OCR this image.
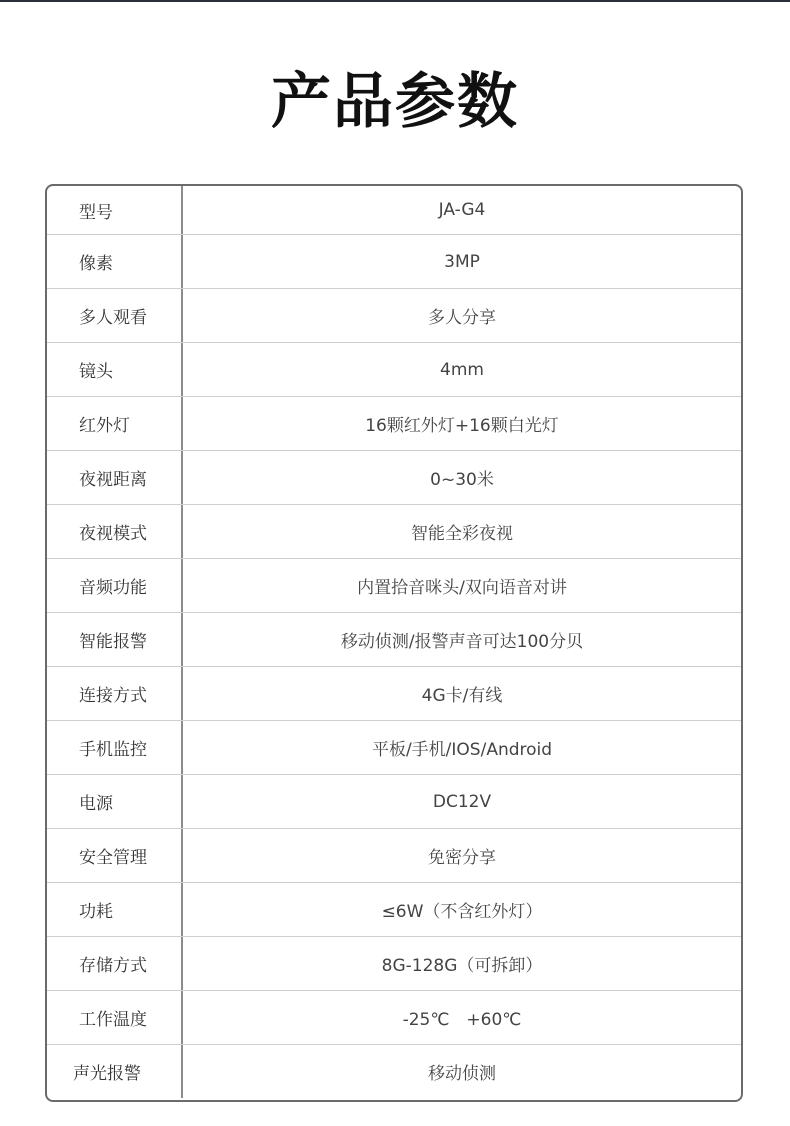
产品参数
型号	JA-G4
像素	3MP
多人观看	多人分享
镜头	4mm
红外灯	16颗红外灯+16颗白光灯
夜视距离	0~30米
夜视模式	智能全彩夜视
音频功能	内置拾音咪头/双向语音对讲
智能报警	移动侦测/报警声音可达100分贝
连接方式	4G卡/有线
手机监控	平板/手机/IOS/Android
电源	DC12V
安全管理	免密分享
功耗	≤6W（不含红外灯）
存储方式	8G-128G（可拆卸）
工作温度	-25℃　+60℃
声光报警	移动侦测
